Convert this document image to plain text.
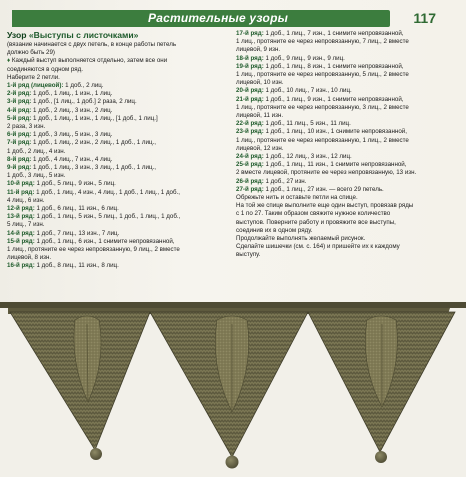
Растительные узоры	117
Узор «Выступы с листочками»
(вязание начинается с двух петель, в конце работы петель
должно быть 29)
♦ Каждый выступ выполняется отдельно, затем все они
соединяются в одном ряд.
Наберите 2 петли.
1-й ряд (лицевой): 1 доб., 2 лиц.
2-й ряд: 1 доб., 1 лиц., 1 изн., 1 лиц.
3-й ряд: 1 доб., [1 лиц., 1 доб.] 2 раза, 2 лиц.
4-й ряд: 1 доб., 2 лиц., 3 изн., 2 лиц.
5-й ряд: 1 доб., 1 лиц., 1 изн., 1 лиц., [1 доб., 1 лиц.]
2 раза, 3 изн.
6-й ряд: 1 доб., 3 лиц., 5 изн., 3 лиц.
7-й ряд: 1 доб., 1 лиц., 2 изн., 2 лиц., 1 доб., 1 лиц.,
1 доб., 2 лиц., 4 изн.
8-й ряд: 1 доб., 4 лиц., 7 изн., 4 лиц.
9-й ряд: 1 доб., 1 лиц., 3 изн., 3 лиц., 1 доб., 1 лиц.,
1 доб., 3 лиц., 5 изн.
10-й ряд: 1 доб., 5 лиц., 9 изн., 5 лиц.
11-й ряд: 1 доб., 1 лиц., 4 изн., 4 лиц., 1 доб., 1 лиц., 1 доб.,
4 лиц., 6 изн.
12-й ряд: 1 доб., 6 лиц., 11 изн., 6 лиц.
13-й ряд: 1 доб., 1 лиц., 5 изн., 5 лиц., 1 доб., 1 лиц., 1 доб.,
5 лиц., 7 изн.
14-й ряд: 1 доб., 7 лиц., 13 изн., 7 лиц.
15-й ряд: 1 доб., 1 лиц., 6 изн., 1 снимите непровязанной,
1 лиц., протяните ее через непровязанную, 9 лиц., 2 вместе
лицевой, 8 изн.
16-й ряд: 1 доб., 8 лиц., 11 изн., 8 лиц.
17-й ряд: 1 доб., 1 лиц., 7 изн., 1 снимите непровязанной,
1 лиц., протяните ее через непровязанную, 7 лиц., 2 вместе
лицевой, 9 изн.
18-й ряд: 1 доб., 9 лиц., 9 изн., 9 лиц.
19-й ряд: 1 доб., 1 лиц., 8 изн., 1 снимите непровязанной,
1 лиц., протяните ее через непровязанную, 5 лиц., 2 вместе
лицевой, 10 изн.
20-й ряд: 1 доб., 10 лиц., 7 изн., 10 лиц.
21-й ряд: 1 доб., 1 лиц., 9 изн., 1 снимите непровязанной,
1 лиц., протяните ее через непровязанную, 3 лиц., 2 вместе
лицевой, 11 изн.
22-й ряд: 1 доб., 11 лиц., 5 изн., 11 лиц.
23-й ряд: 1 доб., 1 лиц., 10 изн., 1 снимите непровязанной,
1 лиц., протяните ее через непровязанную, 1 лиц., 2 вместе
лицевой, 12 изн.
24-й ряд: 1 доб., 12 лиц., 3 изн., 12 лиц.
25-й ряд: 1 доб., 1 лиц., 11 изн., 1 снимите непровязанной,
2 вместе лицевой, протяните ее через непровязанную, 13 изн.
26-й ряд: 1 доб., 27 изн.
27-й ряд: 1 доб., 1 лиц., 27 изн. — всего 29 петель.
Обрежьте нить и оставьте петли на спице.
На той же спице выполните еще один выступ, провязав ряды
с 1 по 27. Таким образом свяжите нужное количество
выступов. Поверните работу и провяжите все выступы,
соединив их в одном ряду.
Продолжайте выполнять желаемый рисунок.
Сделайте шишечки (см. с. 164) и пришейте их к каждому
выступу.
